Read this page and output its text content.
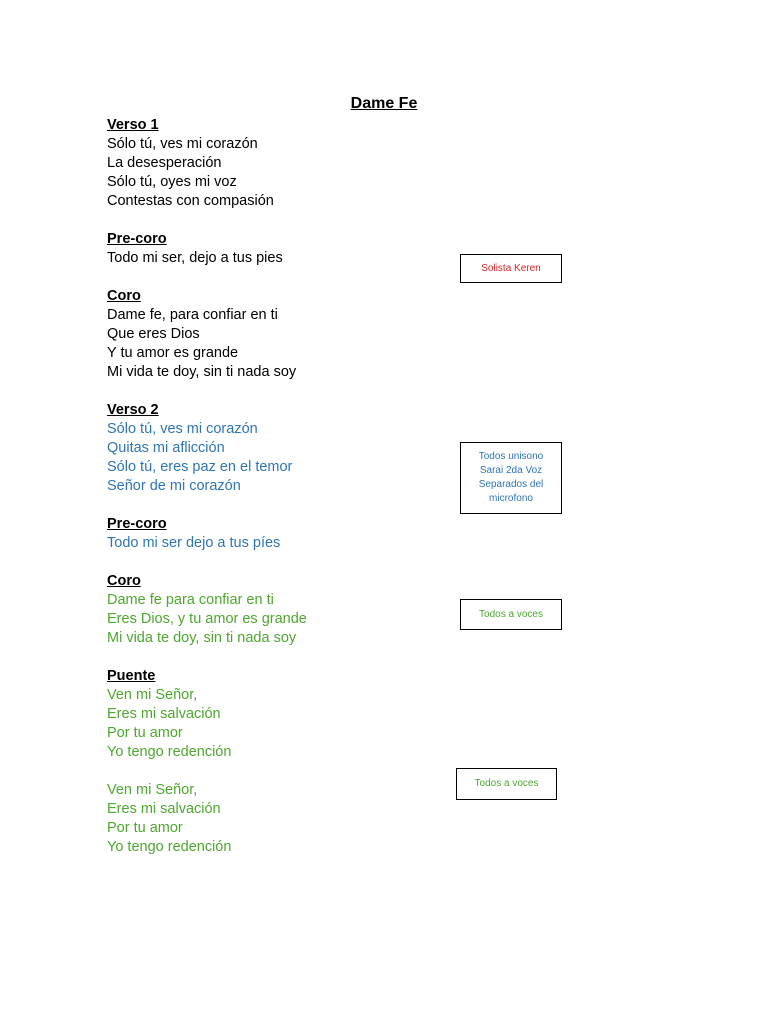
Dame Fe
Verso 1
Sólo tú, ves mi corazón
La desesperación
Sólo tú, oyes mi voz
Contestas con compasión
Pre-coro
Todo mi ser, dejo a tus pies
Coro
Dame fe, para confiar en ti
Que eres Dios
Y tu amor es grande
Mi vida te doy, sin ti nada soy
Verso 2
Sólo tú, ves mi corazón
Quitas mi aflicción
Sólo tú, eres paz en el temor
Señor de mi corazón
Pre-coro
Todo mi ser dejo a tus píes
Coro
Dame fe para confiar en ti
Eres Dios, y tu amor es grande
Mi vida te doy, sin ti nada soy
Puente
Ven mi Señor,
Eres mi salvación
Por tu amor
Yo tengo redención
Ven mi Señor,
Eres mi salvación
Por tu amor
Yo tengo redención
Solista Keren
Todos unisono
Sarai 2da Voz
Separados del
microfono
Todos a voces
Todos a voces
